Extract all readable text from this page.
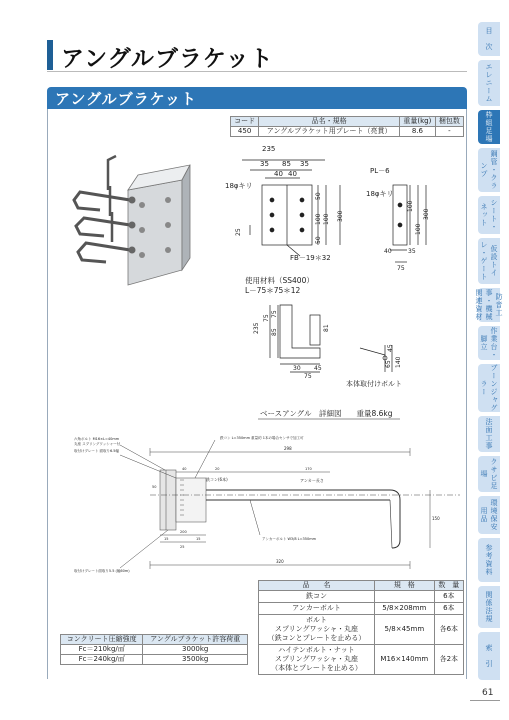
アングルブラケット
アングルブラケット
コード	品名・規格	重量(kg)	梱包数
450	アングルブラケット用プレート（亮貫）	8.6	-
235
35 85 35
40 40
18φキリ
50
100 100 300
50
25
FB－19＊32
PL－6
18φキリ
100
100
300
40	35
75
使用材料（SS400）
L－75＊75＊12
235
75
85
75
81
30 45
75
45
65 140
本体取付けボルト
ベースアングル　詳細図　　重量8.6kg
六角ボルト M16×L=40mm
丸座 スプリングワッシャー付
取付けプレート 面取り6.5幅
鉄コン L=350mm 重量約 1本の場合センサで加工可
取付けプレート面取り5.5 (幅60m)
298
アンカー長さ
アンカーボルト W3/8 L=350mm
320
150
40	20	170
50
200
15
25
15
鉄コン(6本)
品　　名	規　格	数　量
鉄コン		6本
アンカーボルト	5/8×208mm	6本
ボルト
スプリングワッシャ・丸座
（鉄コンとプレートを止める）	5/8×45mm	各6本
ハイテンボルト・ナット
スプリングワッシャ・丸座
（本体とプレートを止める）	M16×140mm	各2本
コンクリート圧縮強度	アングルブラケット許容荷重
Fc＝210kg/㎠	3000kg
Fc＝240kg/㎠	3500kg
目　次
エレニーム
枠組足場
鋼管・クランプ
シート・ネット
仮設トイレ・ゲート
防音工事・機械関連資材
作業台・脚立
ブーンジャグラー
法面工事
クサビ足場
環境保安用品
参考資料
関係法規
索　引
61
